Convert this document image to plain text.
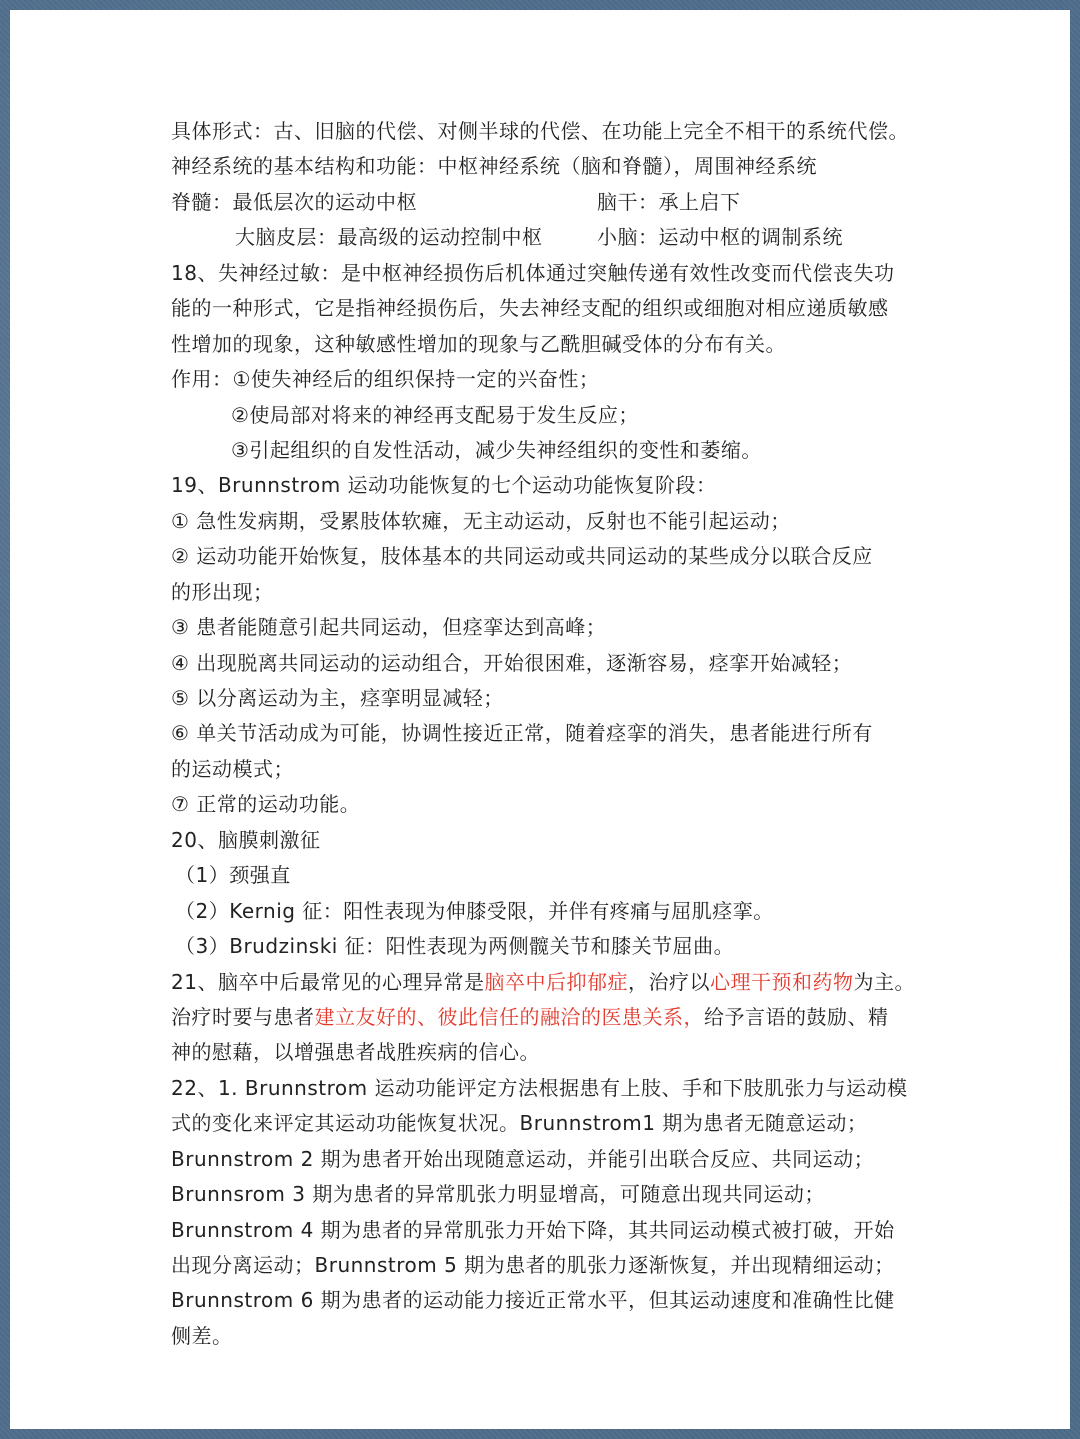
具体形式：古、旧脑的代偿、对侧半球的代偿、在功能上完全不相干的系统代偿。
神经系统的基本结构和功能：中枢神经系统（脑和脊髓），周围神经系统
脊髓：最低层次的运动中枢	脑干：承上启下
大脑皮层：最高级的运动控制中枢	小脑：运动中枢的调制系统
18、失神经过敏：是中枢神经损伤后机体通过突触传递有效性改变而代偿丧失功
能的一种形式，它是指神经损伤后，失去神经支配的组织或细胞对相应递质敏感
性增加的现象，这种敏感性增加的现象与乙酰胆碱受体的分布有关。
作用：①使失神经后的组织保持一定的兴奋性；
②使局部对将来的神经再支配易于发生反应；
③引起组织的自发性活动，减少失神经组织的变性和萎缩。
19、Brunnstrom 运动功能恢复的七个运动功能恢复阶段：
① 急性发病期，受累肢体软瘫，无主动运动，反射也不能引起运动；
② 运动功能开始恢复，肢体基本的共同运动或共同运动的某些成分以联合反应
的形出现；
③ 患者能随意引起共同运动，但痉挛达到高峰；
④ 出现脱离共同运动的运动组合，开始很困难，逐渐容易，痉挛开始减轻；
⑤ 以分离运动为主，痉挛明显减轻；
⑥ 单关节活动成为可能，协调性接近正常，随着痉挛的消失，患者能进行所有
的运动模式；
⑦ 正常的运动功能。
20、脑膜刺激征
（1）颈强直
（2）Kernig 征：阳性表现为伸膝受限，并伴有疼痛与屈肌痉挛。
（3）Brudzinski 征：阳性表现为两侧髋关节和膝关节屈曲。
21、脑卒中后最常见的心理异常是脑卒中后抑郁症，治疗以心理干预和药物为主。
治疗时要与患者建立友好的、彼此信任的融洽的医患关系，给予言语的鼓励、精
神的慰藉，以增强患者战胜疾病的信心。
22、1. Brunnstrom 运动功能评定方法根据患有上肢、手和下肢肌张力与运动模
式的变化来评定其运动功能恢复状况。Brunnstrom1 期为患者无随意运动；
Brunnstrom 2 期为患者开始出现随意运动，并能引出联合反应、共同运动；
Brunnsrom 3 期为患者的异常肌张力明显增高，可随意出现共同运动；
Brunnstrom 4 期为患者的异常肌张力开始下降，其共同运动模式被打破，开始
出现分离运动；Brunnstrom 5 期为患者的肌张力逐渐恢复，并出现精细运动；
Brunnstrom 6 期为患者的运动能力接近正常水平，但其运动速度和准确性比健
侧差。
